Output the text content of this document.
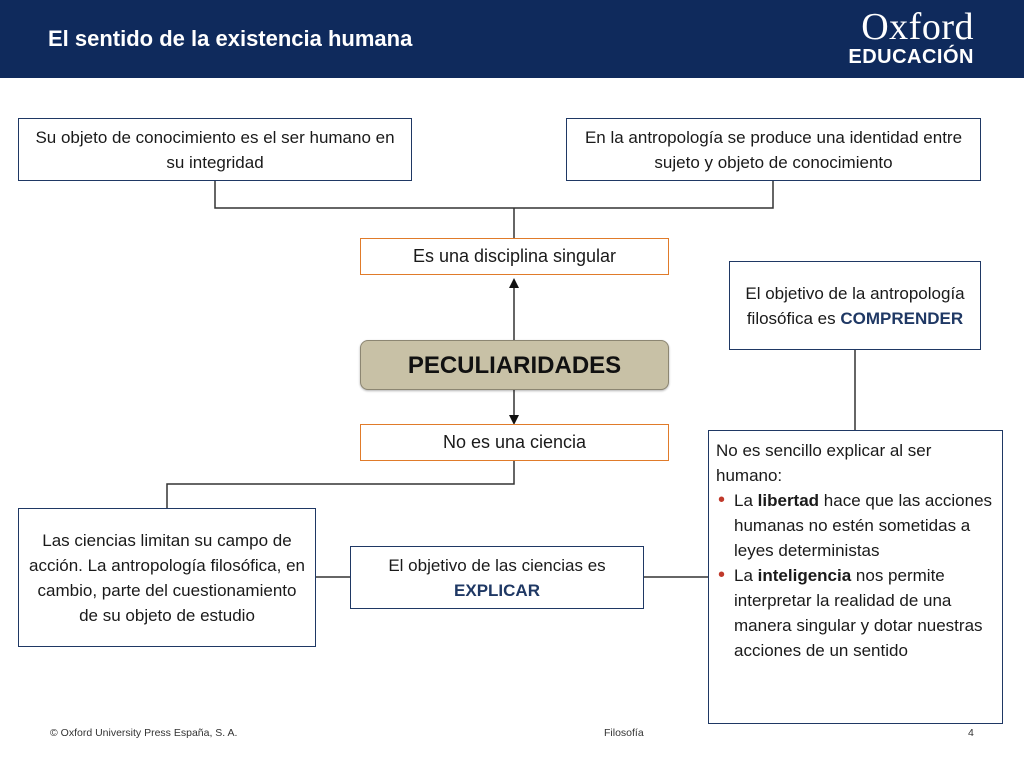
El sentido de la existencia humana	Oxford
EDUCACIÓN
Su objeto de conocimiento es el ser humano en su integridad
En la antropología se produce una identidad entre sujeto y objeto de conocimiento
Es una disciplina singular
El objetivo de la antropología filosófica es COMPRENDER
PECULIARIDADES
No es una ciencia
Las ciencias limitan su campo de acción. La antropología filosófica, en cambio, parte del cuestionamiento de su objeto de estudio
El objetivo de las ciencias es EXPLICAR
No es sencillo explicar al ser humano:
• La libertad hace que las acciones humanas no estén sometidas a leyes deterministas
• La inteligencia nos permite interpretar la realidad de una manera singular y dotar nuestras acciones de un sentido
© Oxford University Press España, S. A.	Filosofía	4
